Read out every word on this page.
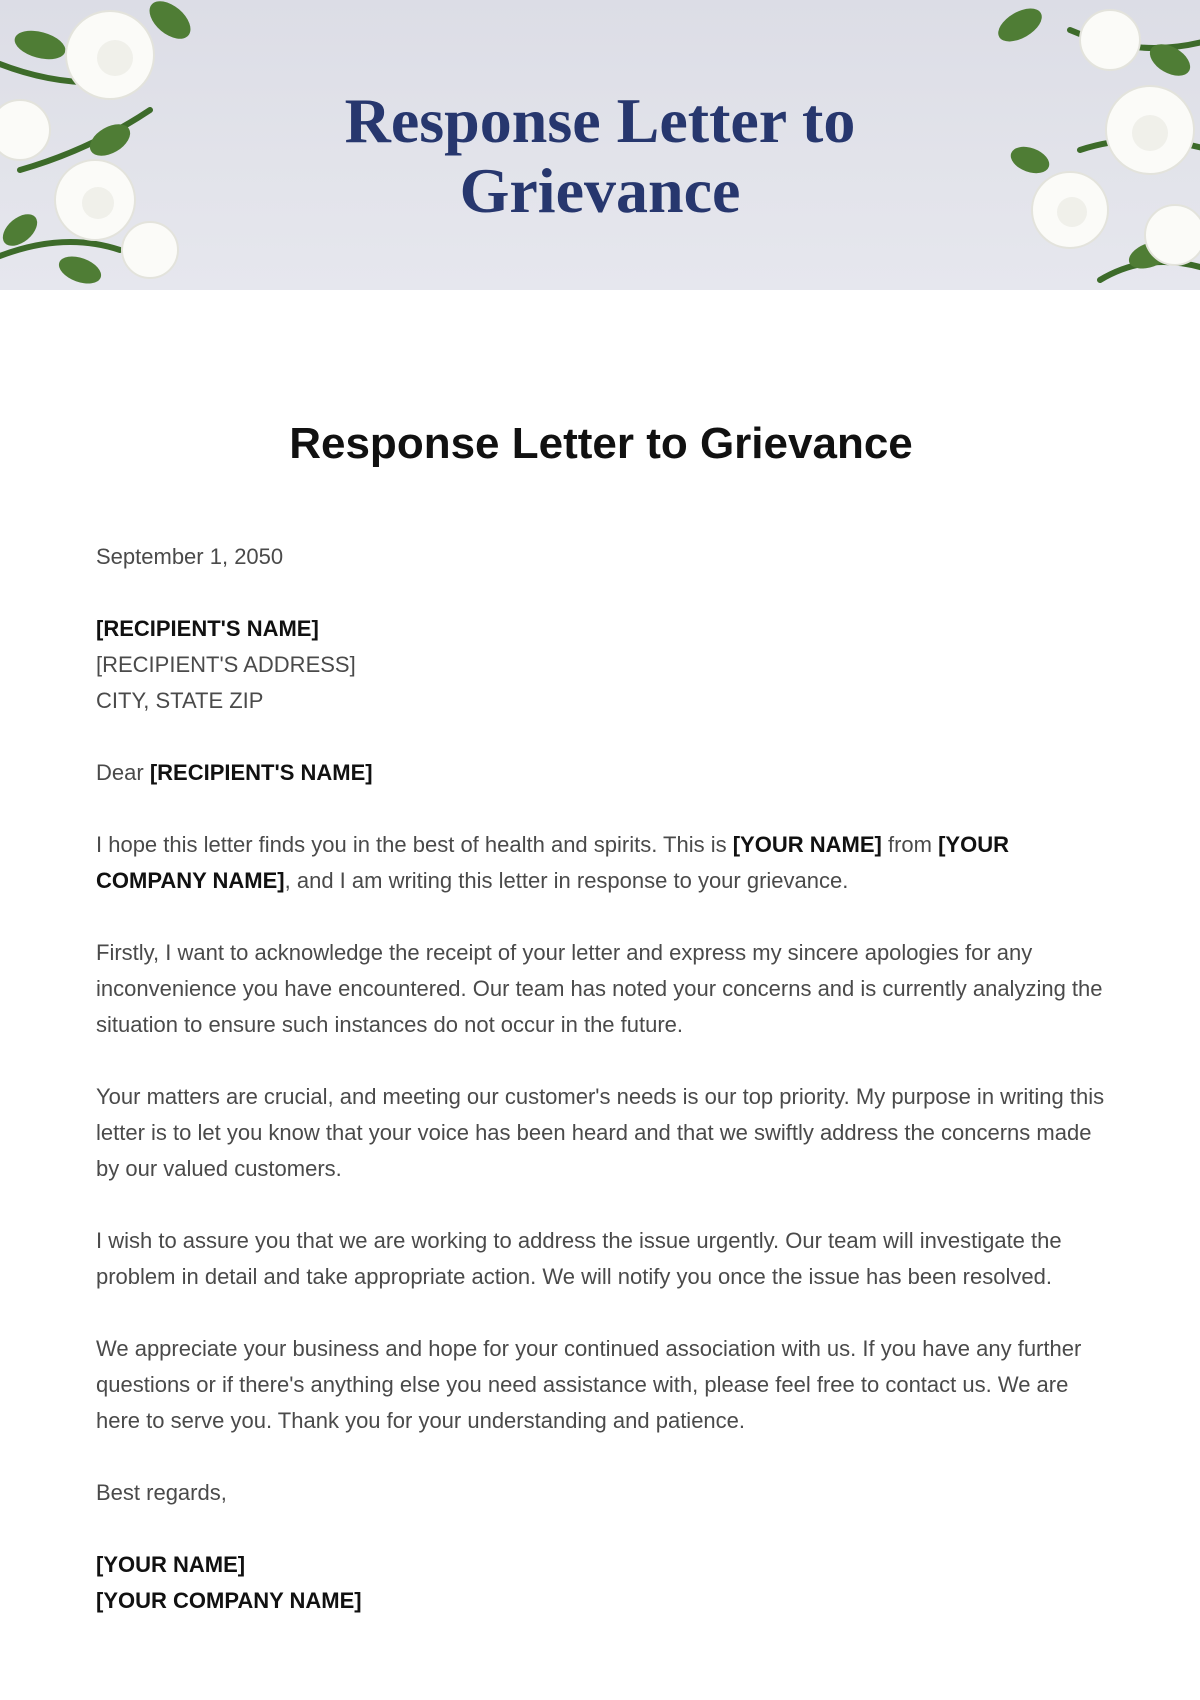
Response Letter to
Grievance
Response Letter to Grievance
September 1, 2050
[RECIPIENT'S NAME]
[RECIPIENT'S ADDRESS]
CITY, STATE ZIP

Dear [RECIPIENT'S NAME]

I hope this letter finds you in the best of health and spirits. This is [YOUR NAME] from [YOUR COMPANY NAME], and I am writing this letter in response to your grievance.

Firstly, I want to acknowledge the receipt of your letter and express my sincere apologies for any inconvenience you have encountered. Our team has noted your concerns and is currently analyzing the situation to ensure such instances do not occur in the future.

Your matters are crucial, and meeting our customer's needs is our top priority. My purpose in writing this letter is to let you know that your voice has been heard and that we swiftly address the concerns made by our valued customers.

I wish to assure you that we are working to address the issue urgently. Our team will investigate the problem in detail and take appropriate action. We will notify you once the issue has been resolved.

We appreciate your business and hope for your continued association with us. If you have any further questions or if there's anything else you need assistance with, please feel free to contact us. We are here to serve you. Thank you for your understanding and patience.

Best regards,

[YOUR NAME]
[YOUR COMPANY NAME]
